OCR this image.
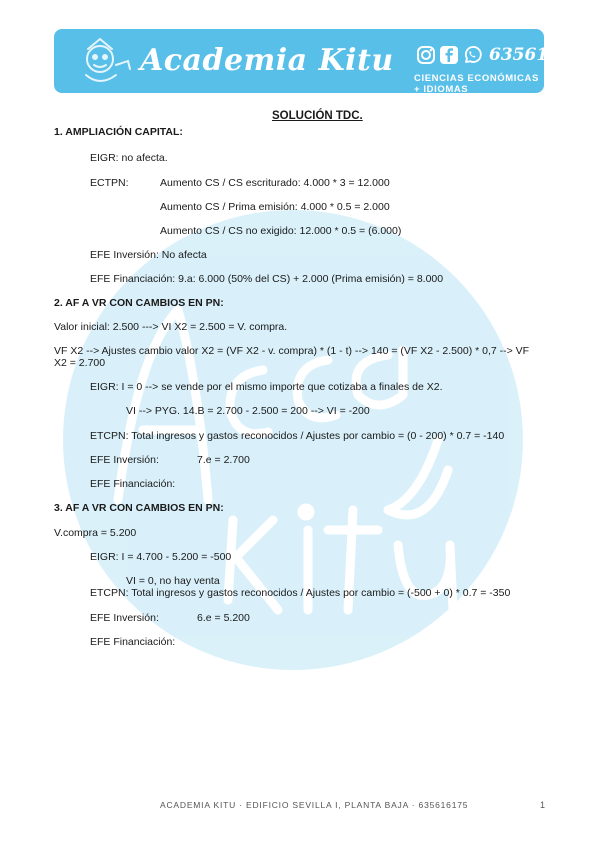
Academia Kitu	635616175
CIENCIAS ECONÓMICAS + IDIOMAS
SOLUCIÓN TDC.
1. AMPLIACIÓN CAPITAL:
EIGR: no afecta.
ECTPN:	Aumento CS / CS escriturado: 4.000 * 3 = 12.000
Aumento CS / Prima emisión: 4.000 * 0.5 = 2.000
Aumento CS / CS no exigido: 12.000 * 0.5 = (6.000)
EFE Inversión: No afecta
EFE Financiación: 9.a: 6.000 (50% del CS) + 2.000 (Prima emisión) = 8.000
2. AF A VR CON CAMBIOS EN PN:
Valor inicial: 2.500 ---> VI X2 = 2.500 = V. compra.
VF X2 --> Ajustes cambio valor X2 = (VF X2 - v. compra) * (1 - t) --> 140 = (VF X2 - 2.500) * 0,7 --> VF
X2 = 2.700
EIGR: I = 0 --> se vende por el mismo importe que cotizaba a finales de X2.
VI --> PYG. 14.B = 2.700 - 2.500 = 200 --> VI = -200
ETCPN: Total ingresos y gastos reconocidos / Ajustes por cambio = (0 - 200) * 0.7 = -140
EFE Inversión:	7.e = 2.700
EFE Financiación:
3. AF A VR CON CAMBIOS EN PN:
V.compra = 5.200
EIGR: I = 4.700 - 5.200 = -500
VI = 0, no hay venta
ETCPN: Total ingresos y gastos reconocidos / Ajustes por cambio = (-500 + 0) * 0.7 = -350
EFE Inversión:	6.e = 5.200
EFE Financiación:
ACADEMIA KITU · EDIFICIO SEVILLA I, PLANTA BAJA · 635616175	1
